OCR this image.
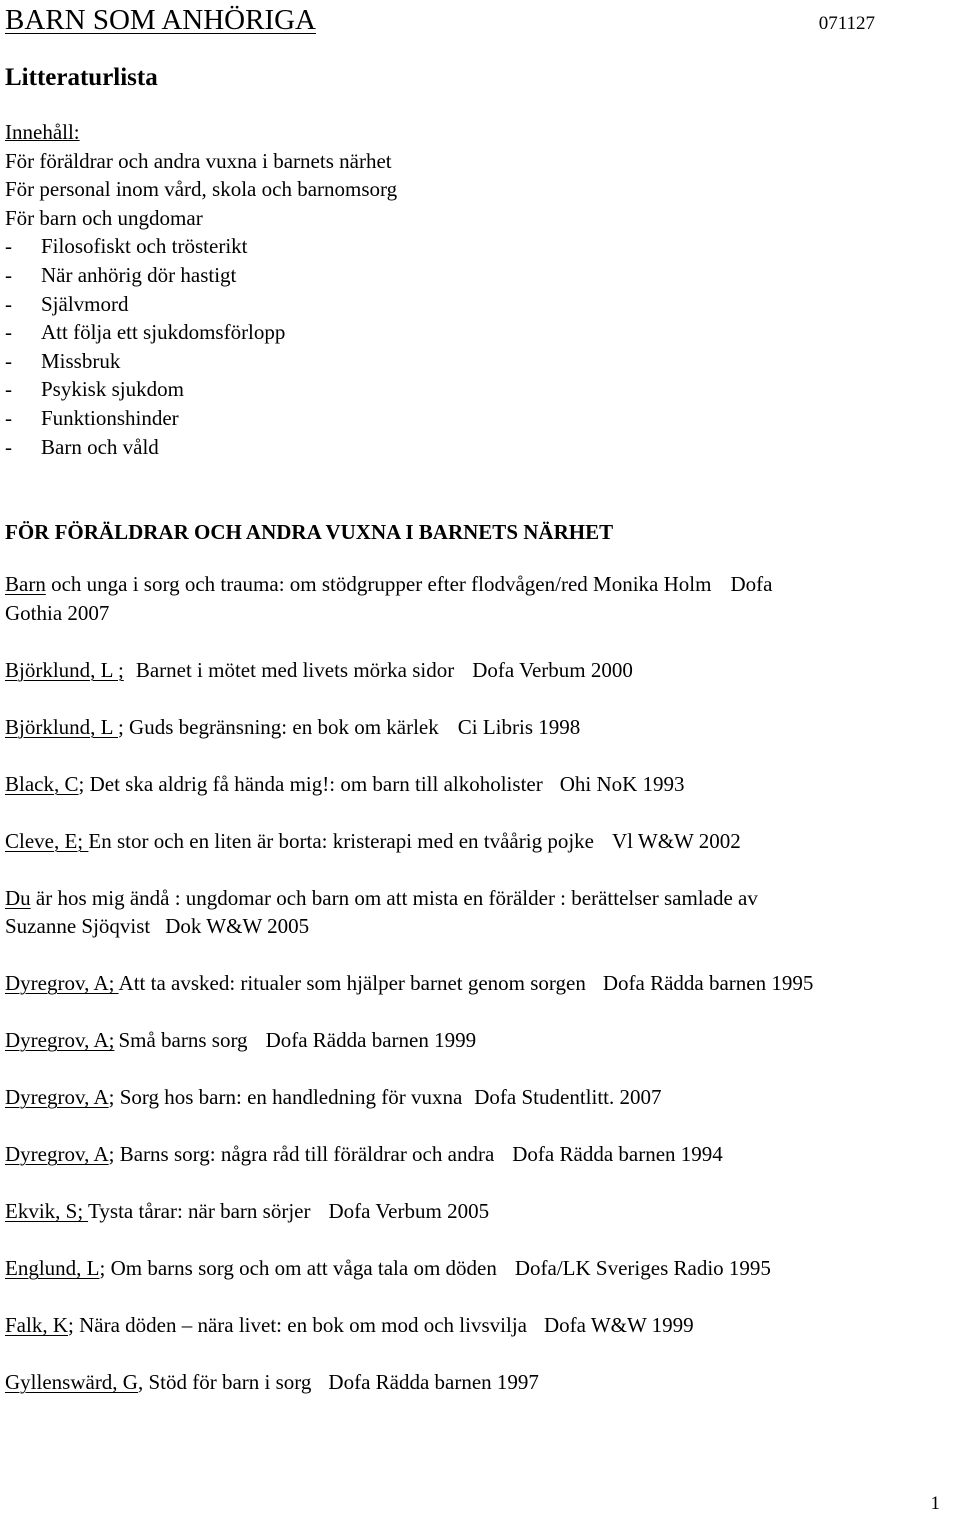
BARN SOM ANHÖRIGA	071127
Litteraturlista
Innehåll:
För föräldrar och andra vuxna i barnets närhet
För personal inom vård, skola och barnomsorg
För barn och ungdomar
- Filosofiskt och trösterikt
- När anhörig dör hastigt
- Självmord
- Att följa ett sjukdomsförlopp
- Missbruk
- Psykisk sjukdom
- Funktionshinder
- Barn och våld
FÖR FÖRÄLDRAR OCH ANDRA VUXNA I BARNETS NÄRHET
Barn och unga i sorg och trauma: om stödgrupper efter flodvågen/red Monika Holm Dofa
Gothia 2007
Björklund, L ; Barnet i mötet med livets mörka sidor Dofa Verbum 2000
Björklund, L ; Guds begränsning: en bok om kärlek Ci Libris 1998
Black, C; Det ska aldrig få hända mig!: om barn till alkoholister Ohi NoK 1993
Cleve, E; En stor och en liten är borta: kristerapi med en tvåårig pojke Vl W&W 2002
Du är hos mig ändå : ungdomar och barn om att mista en förälder : berättelser samlade av
Suzanne Sjöqvist Dok W&W 2005
Dyregrov, A; Att ta avsked: ritualer som hjälper barnet genom sorgen Dofa Rädda barnen 1995
Dyregrov, A; Små barns sorg Dofa Rädda barnen 1999
Dyregrov, A; Sorg hos barn: en handledning för vuxna Dofa Studentlitt. 2007
Dyregrov, A; Barns sorg: några råd till föräldrar och andra Dofa Rädda barnen 1994
Ekvik, S; Tysta tårar: när barn sörjer Dofa Verbum 2005
Englund, L; Om barns sorg och om att våga tala om döden Dofa/LK Sveriges Radio 1995
Falk, K; Nära döden – nära livet: en bok om mod och livsvilja Dofa W&W 1999
Gyllenswärd, G, Stöd för barn i sorg Dofa Rädda barnen 1997
1
